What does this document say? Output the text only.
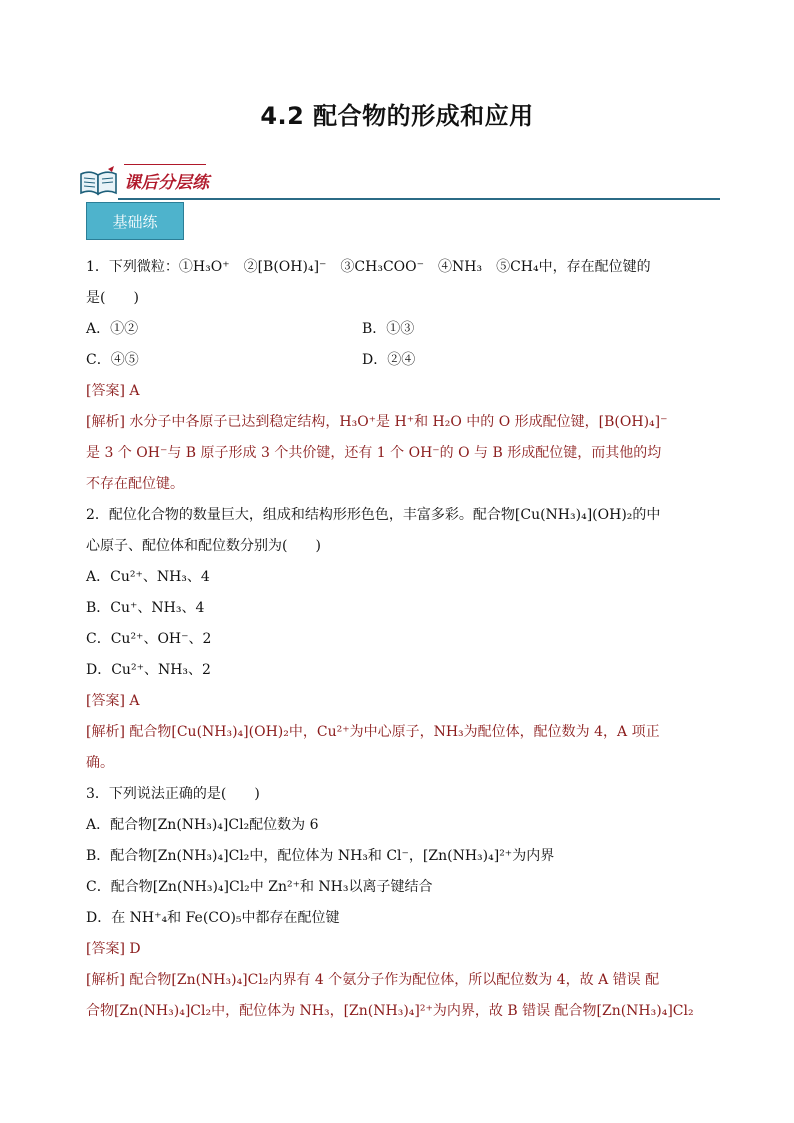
4.2 配合物的形成和应用
课后分层练
基础练
1．下列微粒：①H₃O⁺　②[B(OH)₄]⁻　③CH₃COO⁻　④NH₃　⑤CH₄中，存在配位键的
是(　　)
A．①②	B．①③
C．④⑤	D．②④
[答案] A
[解析] 水分子中各原子已达到稳定结构，H₃O⁺是 H⁺和 H₂O 中的 O 形成配位键，[B(OH)₄]⁻
是 3 个 OH⁻与 B 原子形成 3 个共价键，还有 1 个 OH⁻的 O 与 B 形成配位键，而其他的均
不存在配位键。
2．配位化合物的数量巨大，组成和结构形形色色，丰富多彩。配合物[Cu(NH₃)₄](OH)₂的中
心原子、配位体和配位数分别为(　　)
A．Cu²⁺、NH₃、4
B．Cu⁺、NH₃、4
C．Cu²⁺、OH⁻、2
D．Cu²⁺、NH₃、2
[答案] A
[解析] 配合物[Cu(NH₃)₄](OH)₂中，Cu²⁺为中心原子，NH₃为配位体，配位数为 4，A 项正
确。
3．下列说法正确的是(　　)
A．配合物[Zn(NH₃)₄]Cl₂配位数为 6
B．配合物[Zn(NH₃)₄]Cl₂中，配位体为 NH₃和 Cl⁻，[Zn(NH₃)₄]²⁺为内界
C．配合物[Zn(NH₃)₄]Cl₂中 Zn²⁺和 NH₃以离子键结合
D．在 NH⁺₄和 Fe(CO)₅中都存在配位键
[答案] D
[解析] 配合物[Zn(NH₃)₄]Cl₂内界有 4 个氨分子作为配位体，所以配位数为 4，故 A 错误 配
合物[Zn(NH₃)₄]Cl₂中，配位体为 NH₃，[Zn(NH₃)₄]²⁺为内界，故 B 错误 配合物[Zn(NH₃)₄]Cl₂
